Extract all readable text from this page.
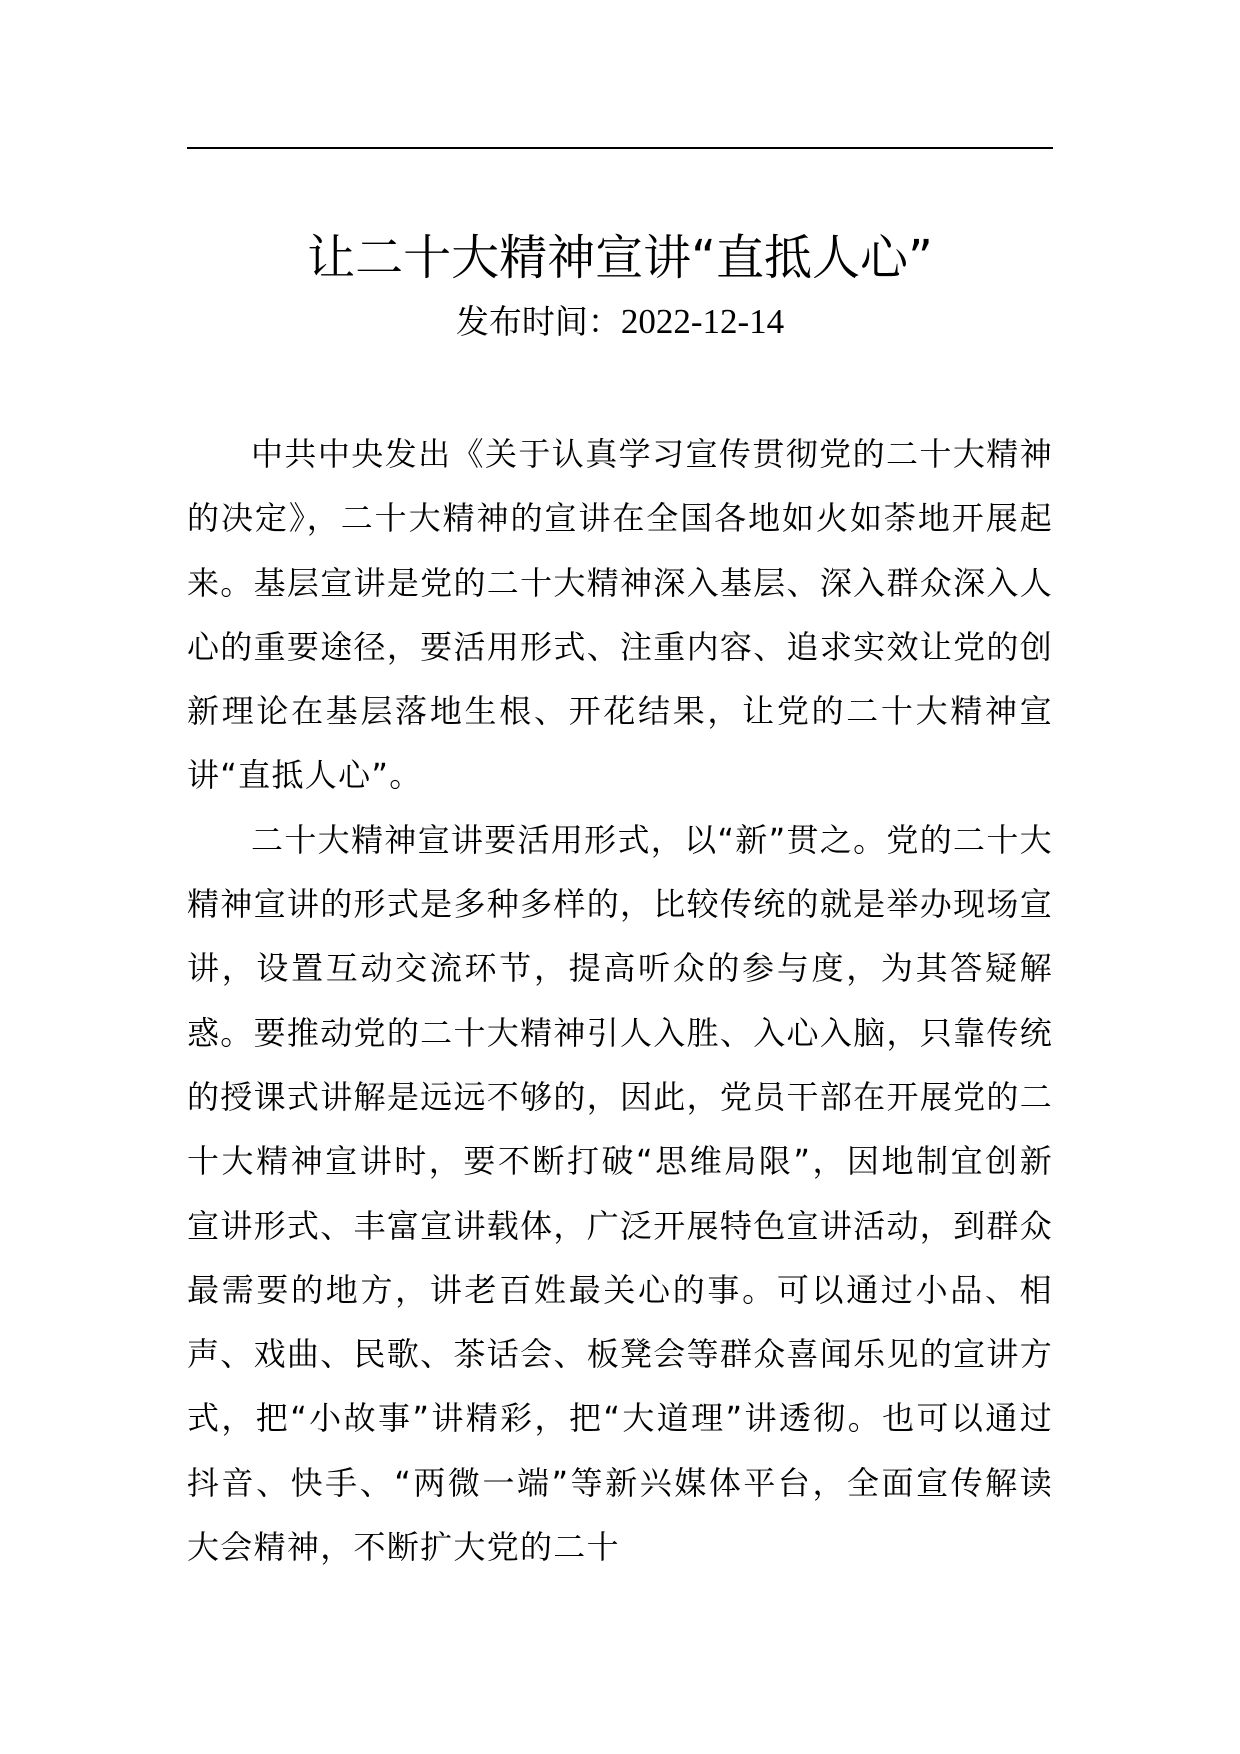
让二十大精神宣讲“直抵人心”
发布时间：2022-12-14

中共中央发出《关于认真学习宣传贯彻党的二十大精神的决定》，二十大精神的宣讲在全国各地如火如荼地开展起来。基层宣讲是党的二十大精神深入基层、深入群众深入人心的重要途径，要活用形式、注重内容、追求实效让党的创新理论在基层落地生根、开花结果，让党的二十大精神宣讲“直抵人心”。

二十大精神宣讲要活用形式，以“新”贯之。党的二十大精神宣讲的形式是多种多样的，比较传统的就是举办现场宣讲，设置互动交流环节，提高听众的参与度，为其答疑解惑。要推动党的二十大精神引人入胜、入心入脑，只靠传统的授课式讲解是远远不够的，因此，党员干部在开展党的二十大精神宣讲时，要不断打破“思维局限”，因地制宜创新宣讲形式、丰富宣讲载体，广泛开展特色宣讲活动，到群众最需要的地方，讲老百姓最关心的事。可以通过小品、相声、戏曲、民歌、茶话会、板凳会等群众喜闻乐见的宣讲方式，把“小故事”讲精彩，把“大道理”讲透彻。也可以通过抖音、快手、“两微一端”等新兴媒体平台，全面宣传解读大会精神，不断扩大党的二十
